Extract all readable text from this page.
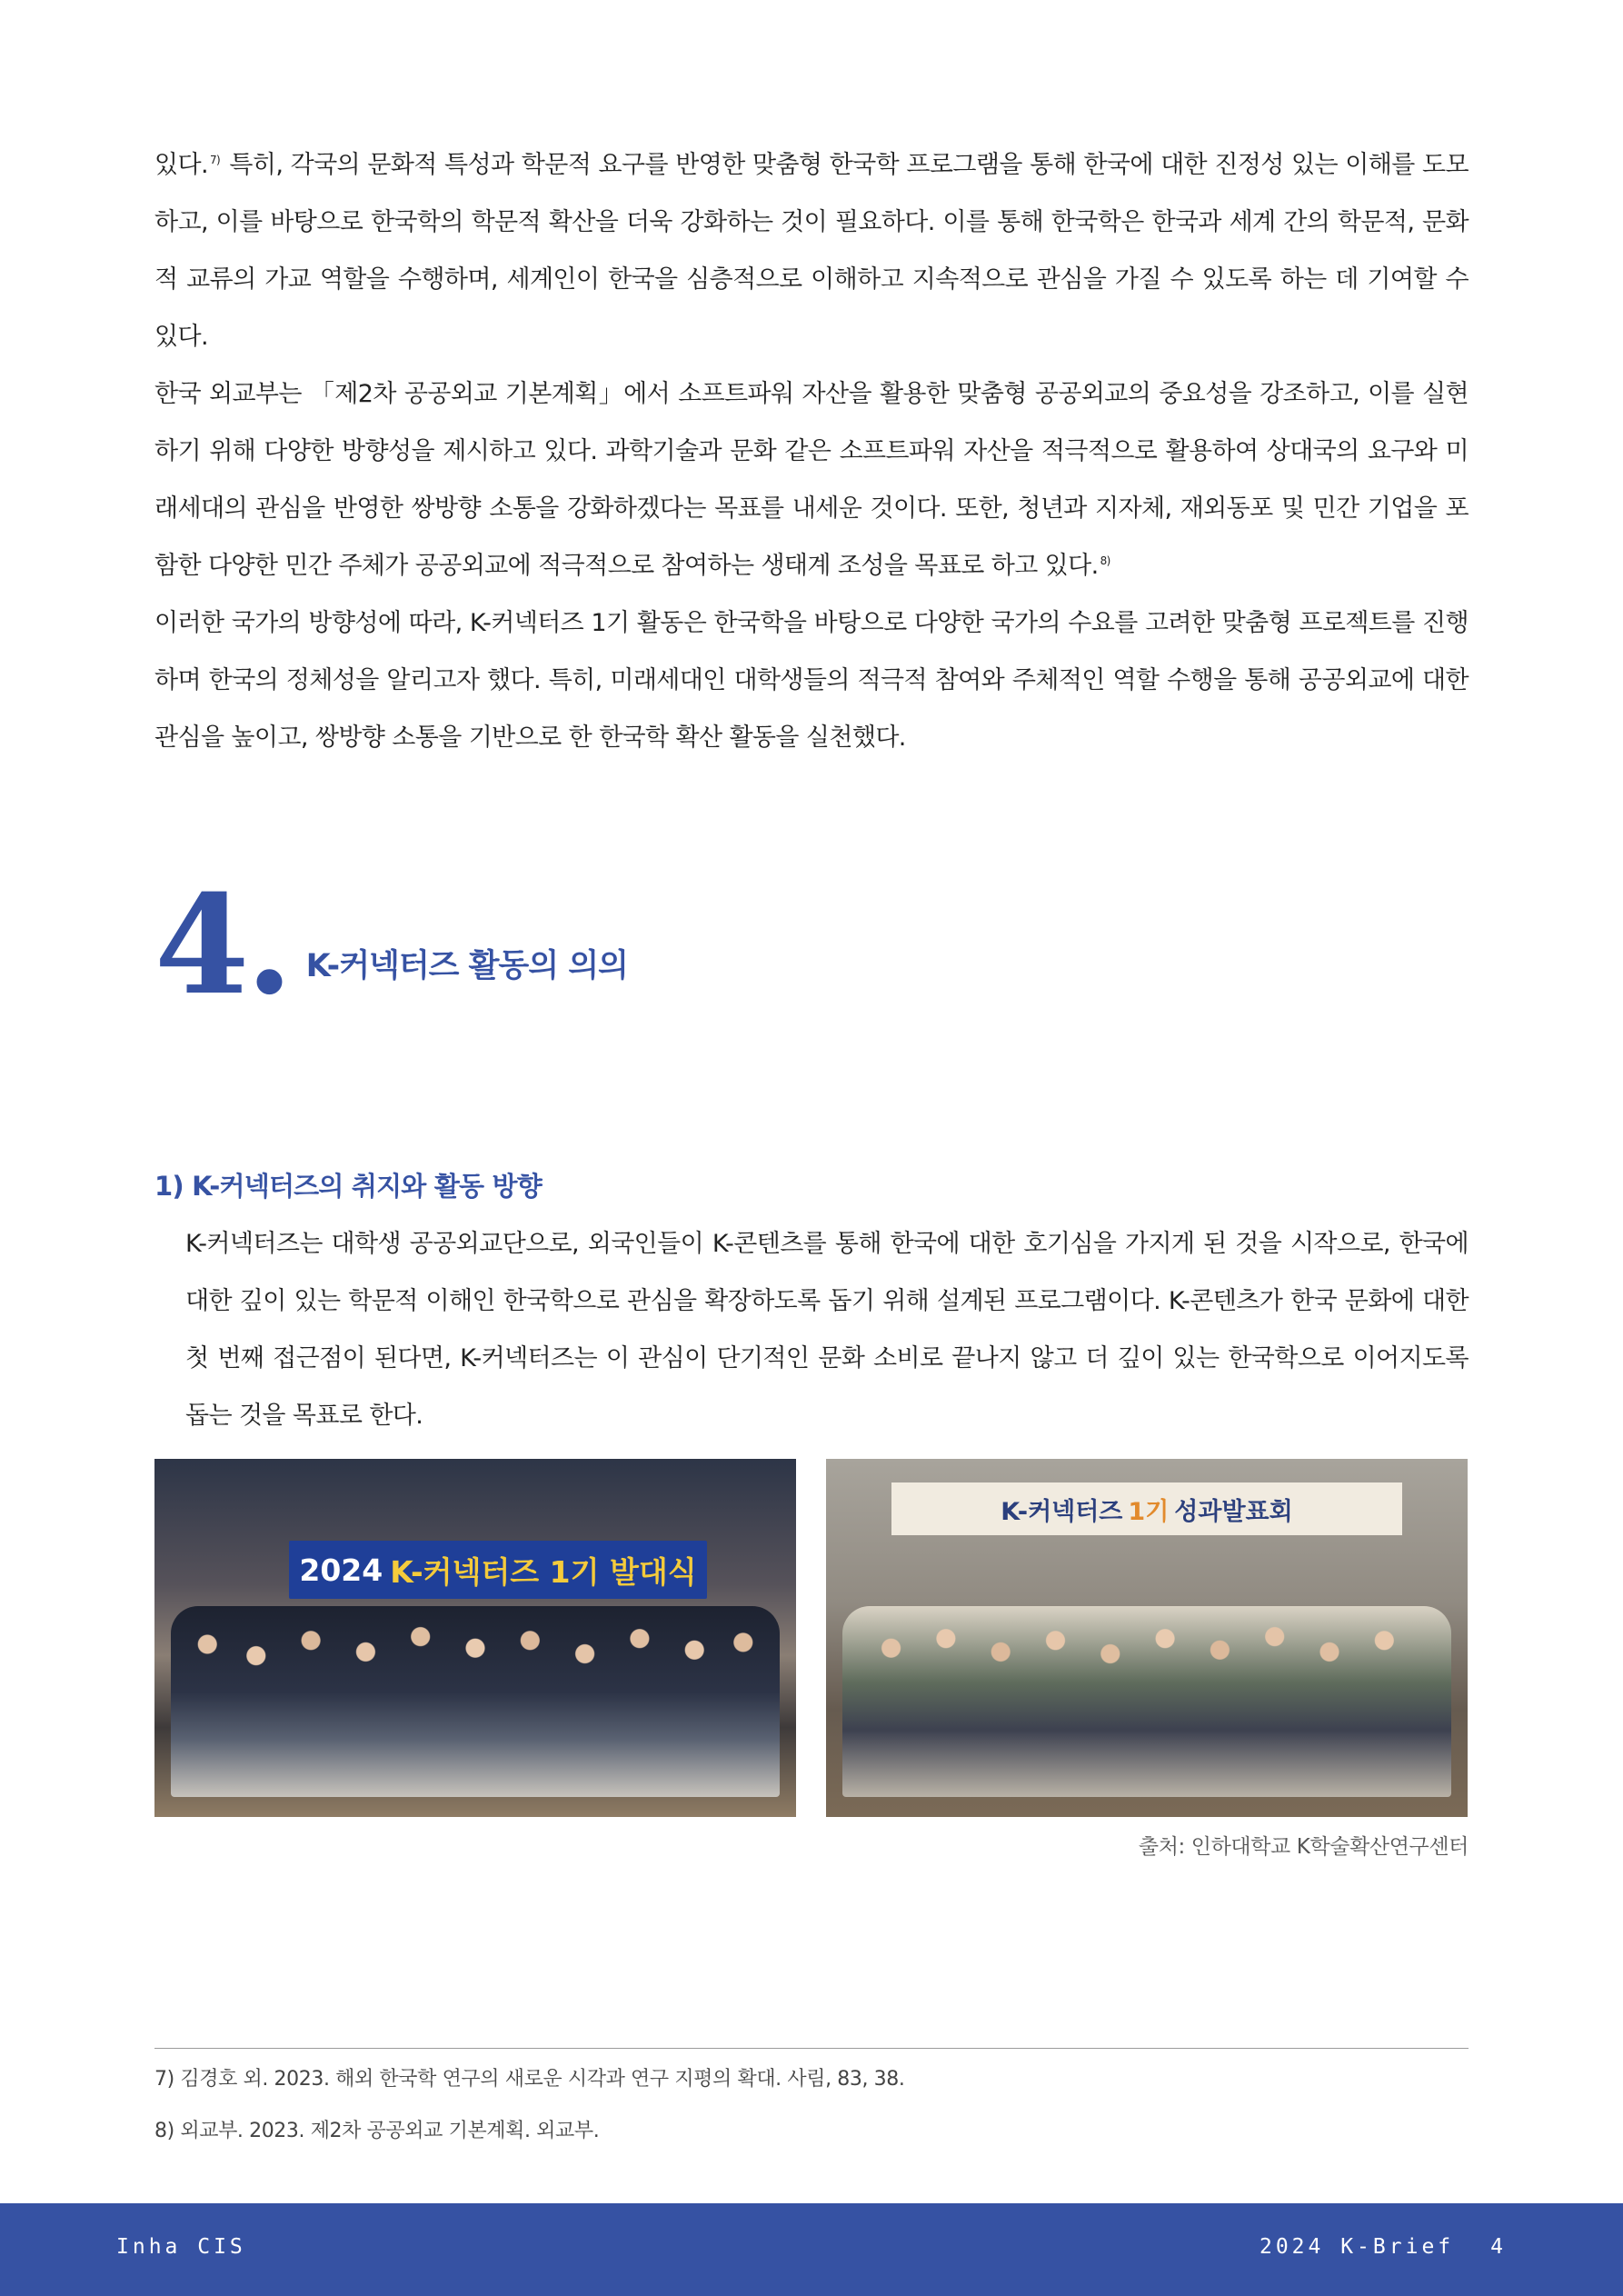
있다. $^{7)}$ 특히, 각국의 문화적 특성과 학문적 요구를 반영한 맞춤형 한국학 프로그램을 통해 한국에 대한 진정성 있는 이해를 도모하고, 이를 바탕으로 한국학의 학문적 확산을 더욱 강화하는 것이 필요하다. 이를 통해 한국학은 한국과 세계 간의 학문적, 문화적 교류의 가교 역할을 수행하며, 세계인이 한국을 심층적으로 이해하고 지속적으로 관심을 가질 수 있도록 하는 데 기여할 수 있다.

한국 외교부는 「제2차 공공외교 기본계획」에서 소프트파워 자산을 활용한 맞춤형 공공외교의 중요성을 강조하고, 이를 실현하기 위해 다양한 방향성을 제시하고 있다. 과학기술과 문화 같은 소프트파워 자산을 적극적으로 활용하여 상대국의 요구와 미래세대의 관심을 반영한 쌍방향 소통을 강화하겠다는 목표를 내세운 것이다. 또한, 청년과 지자체, 재외동포 및 민간 기업을 포함한 다양한 민간 주체가 공공외교에 적극적으로 참여하는 생태계 조성을 목표로 하고 있다. $^{8)}$

이러한 국가의 방향성에 따라, K-커넥터즈 1기 활동은 한국학을 바탕으로 다양한 국가의 수요를 고려한 맞춤형 프로젝트를 진행하며 한국의 정체성을 알리고자 했다. 특히, 미래세대인 대학생들의 적극적 참여와 주체적인 역할 수행을 통해 공공외교에 대한 관심을 높이고, 쌍방향 소통을 기반으로 한 한국학 확산 활동을 실천했다.

4. K-커넥터즈 활동의 의의
1) K-커넥터즈의 취지와 활동 방향

K-커넥터즈는 대학생 공공외교단으로, 외국인들이 K-콘텐츠를 통해 한국에 대한 호기심을 가지게 된 것을 시작으로, 한국에 대한 깊이 있는 학문적 이해인 한국학으로 관심을 확장하도록 돕기 위해 설계된 프로그램이다. K-콘텐츠가 한국 문화에 대한 첫 번째 접근점이 된다면, K-커넥터즈는 이 관심이 단기적인 문화 소비로 끝나지 않고 더 깊이 있는 한국학으로 이어지도록 돕는 것을 목표로 한다.

2024 K-커넥터즈 1기 발대식
K-커넥터즈 1기 성과발표회
출처: 인하대학교 K학술확산연구센터
7) 김경호 외. 2023. 해외 한국학 연구의 새로운 시각과 연구 지평의 확대. 사림, 83, 38.
8) 외교부. 2023. 제2차 공공외교 기본계획. 외교부.
Inha CIS	2024 K-Brief 4
